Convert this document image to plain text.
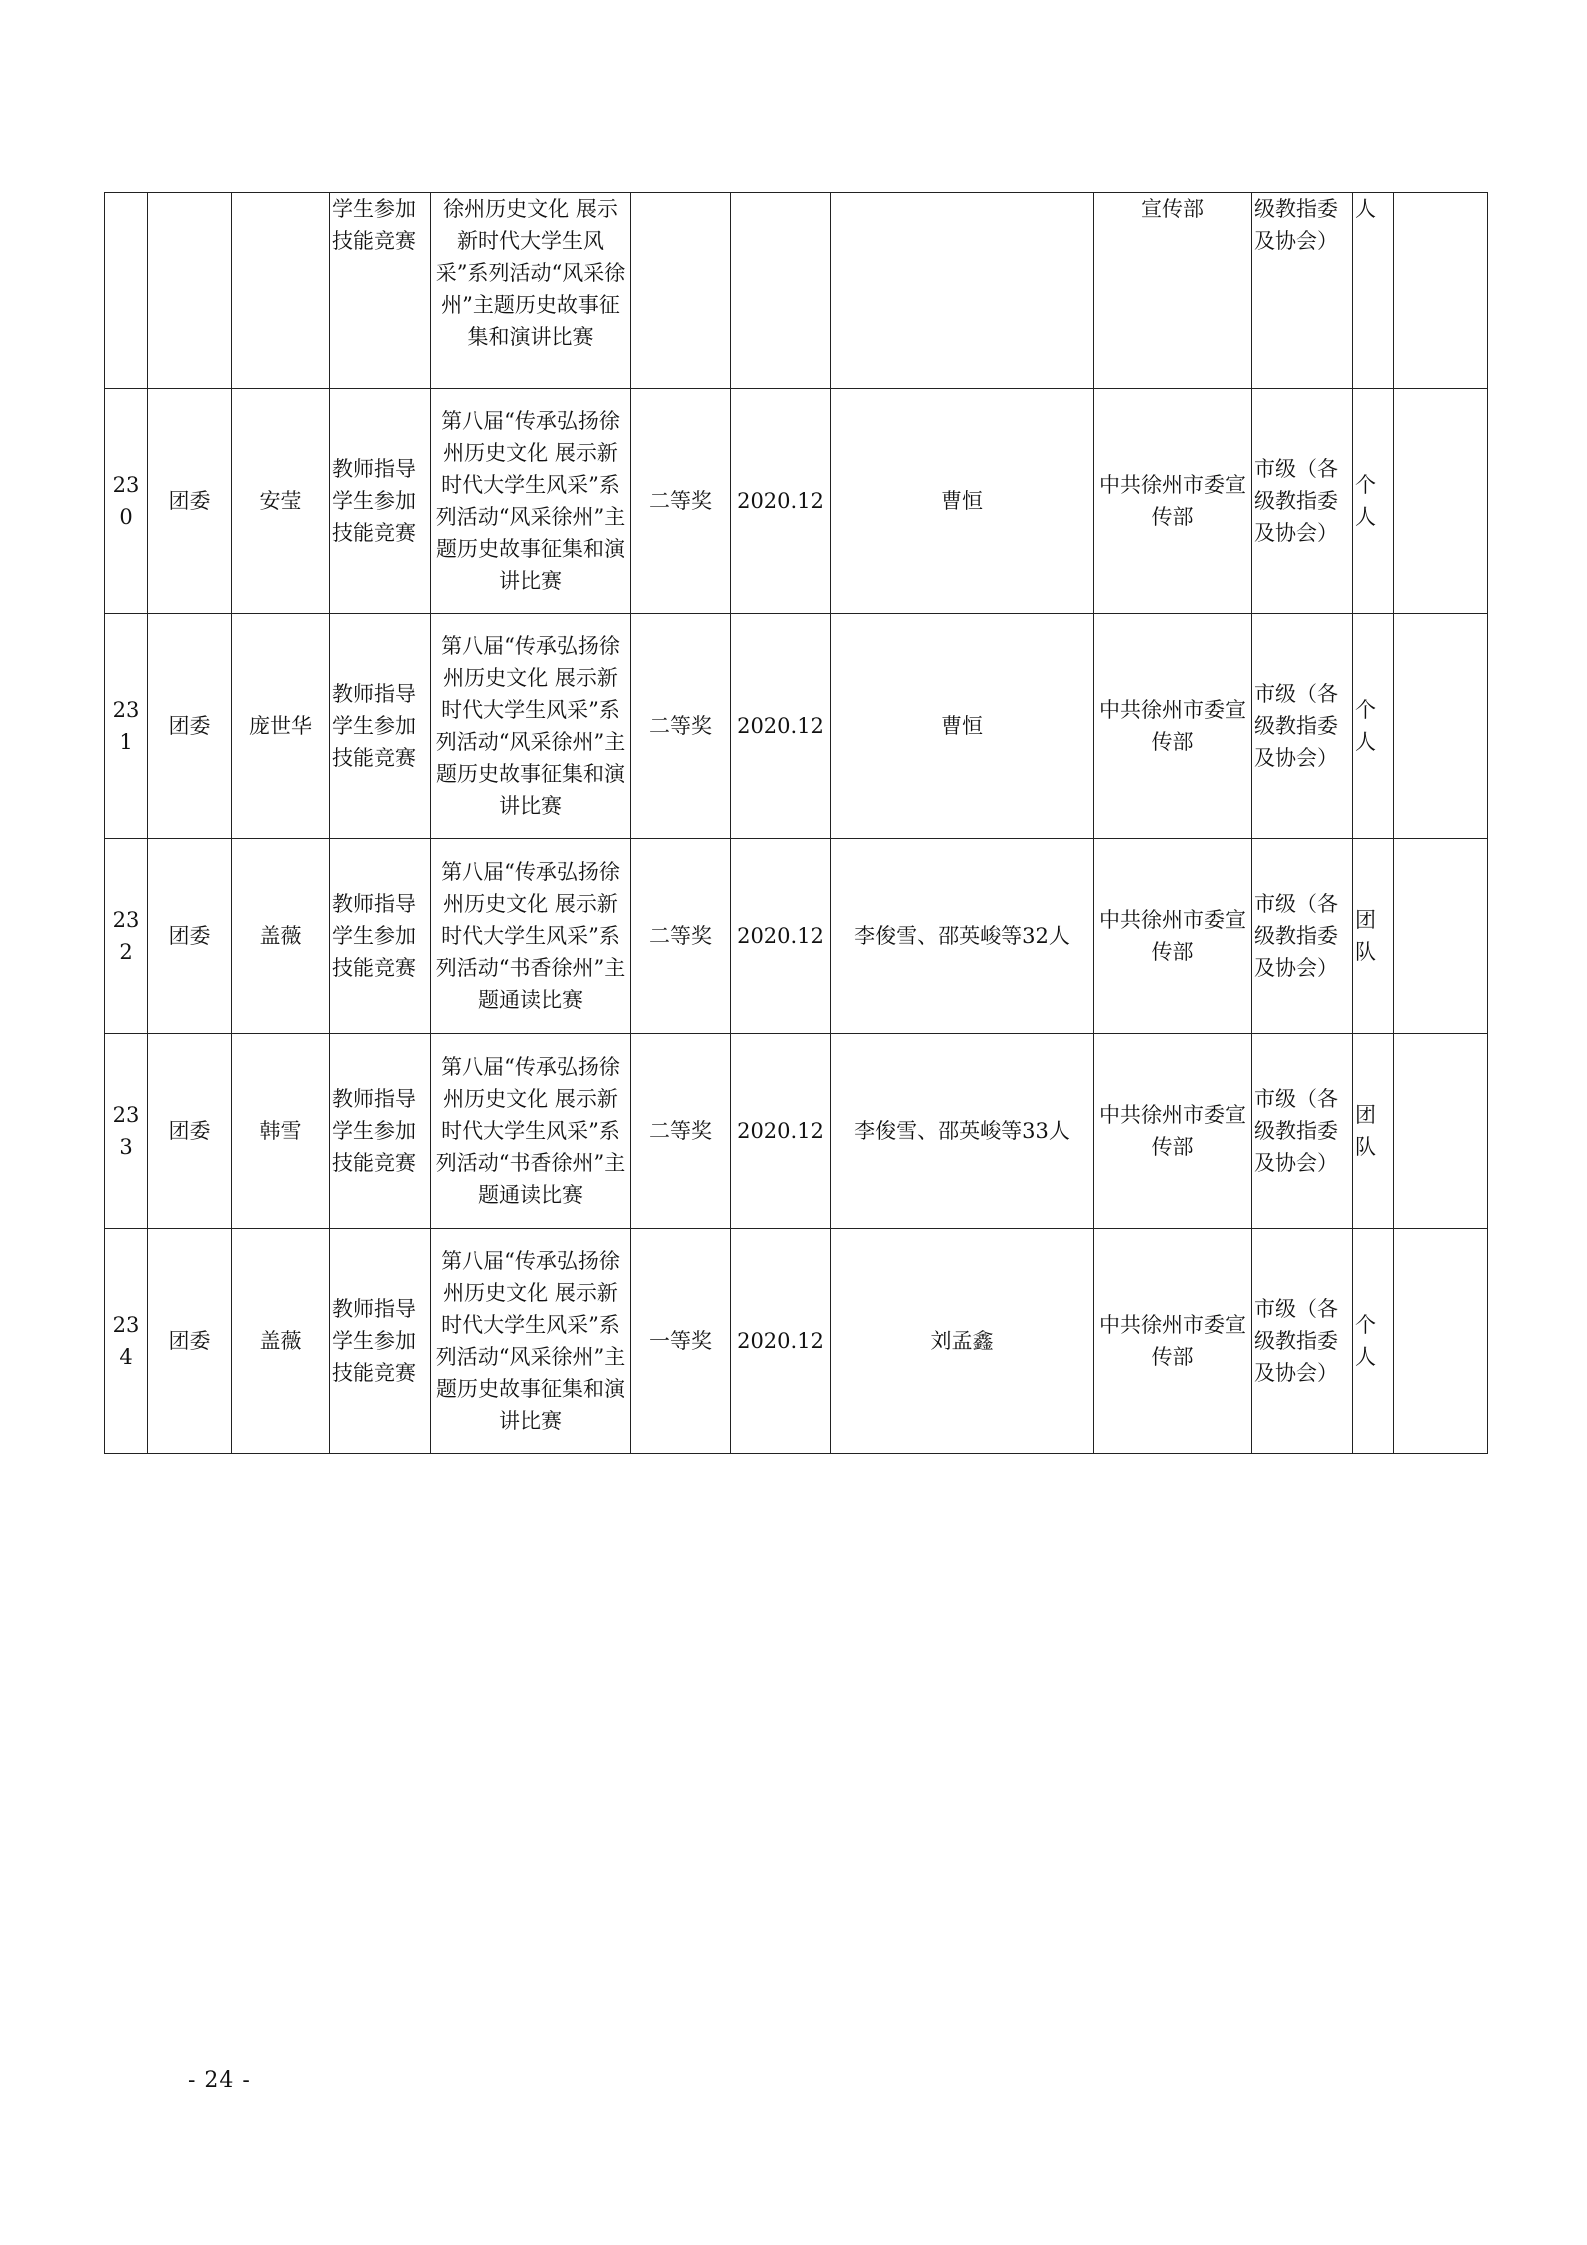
			学生参加技能竞赛	徐州历史文化 展示新时代大学生风采”系列活动“风采徐州”主题历史故事征集和演讲比赛				宣传部	级教指委及协会）	人	
230	团委	安莹	教师指导学生参加技能竞赛	第八届“传承弘扬徐州历史文化 展示新时代大学生风采”系列活动“风采徐州”主题历史故事征集和演讲比赛	二等奖	2020.12	曹恒	中共徐州市委宣传部	市级（各级教指委及协会）	个人	
231	团委	庞世华	教师指导学生参加技能竞赛	第八届“传承弘扬徐州历史文化 展示新时代大学生风采”系列活动“风采徐州”主题历史故事征集和演讲比赛	二等奖	2020.12	曹恒	中共徐州市委宣传部	市级（各级教指委及协会）	个人	
232	团委	盖薇	教师指导学生参加技能竞赛	第八届“传承弘扬徐州历史文化 展示新时代大学生风采”系列活动“书香徐州”主题通读比赛	二等奖	2020.12	李俊雪、邵英峻等32人	中共徐州市委宣传部	市级（各级教指委及协会）	团队	
233	团委	韩雪	教师指导学生参加技能竞赛	第八届“传承弘扬徐州历史文化 展示新时代大学生风采”系列活动“书香徐州”主题通读比赛	二等奖	2020.12	李俊雪、邵英峻等33人	中共徐州市委宣传部	市级（各级教指委及协会）	团队	
234	团委	盖薇	教师指导学生参加技能竞赛	第八届“传承弘扬徐州历史文化 展示新时代大学生风采”系列活动“风采徐州”主题历史故事征集和演讲比赛	一等奖	2020.12	刘孟鑫	中共徐州市委宣传部	市级（各级教指委及协会）	个人	
- 24 -
